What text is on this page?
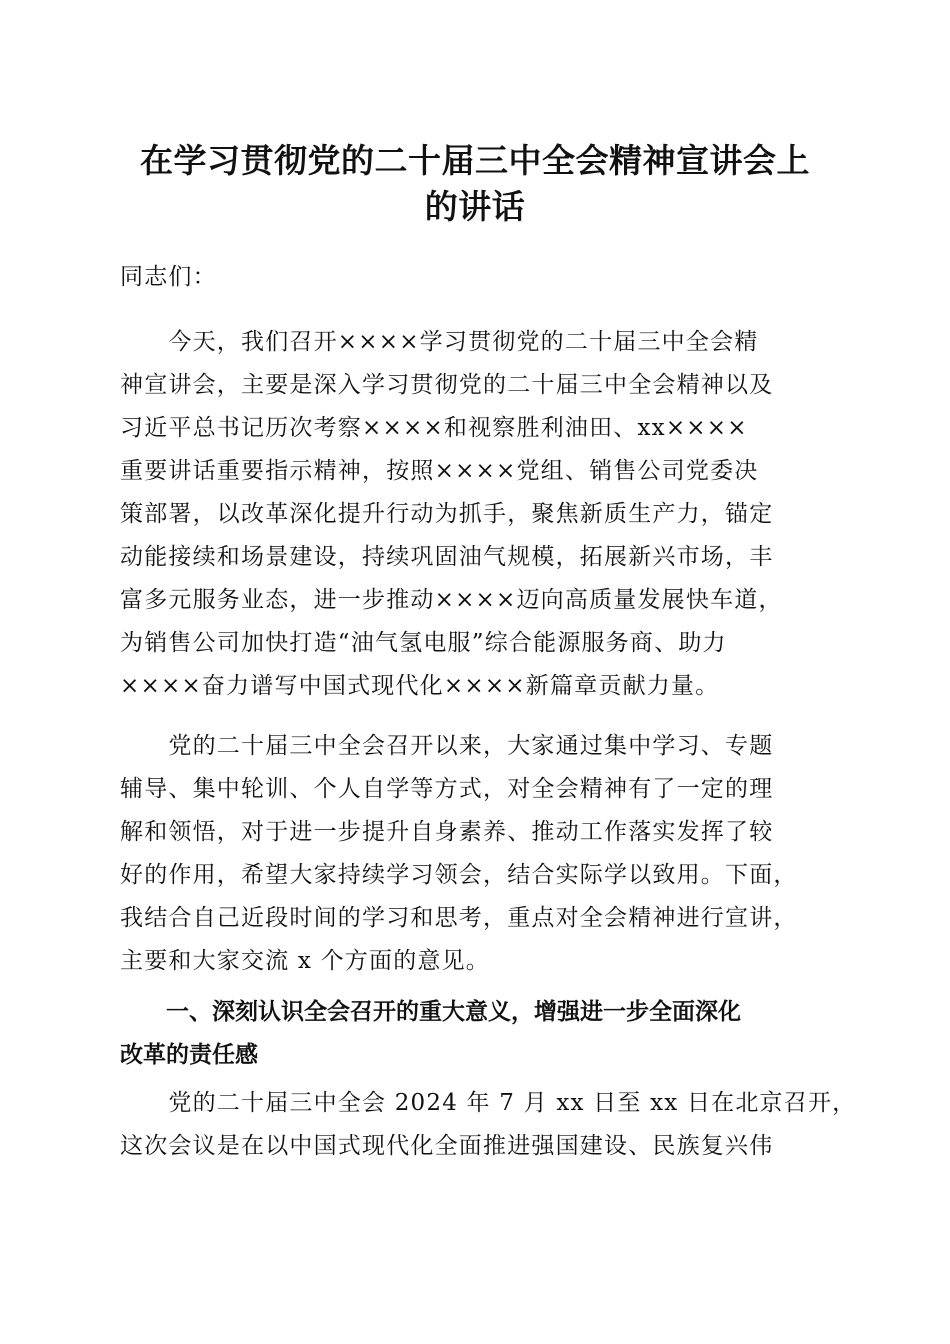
在学习贯彻党的二十届三中全会精神宣讲会上
的讲话

同志们：

　　今天，我们召开××××学习贯彻党的二十届三中全会精

神宣讲会，主要是深入学习贯彻党的二十届三中全会精神以及

习近平总书记历次考察××××和视察胜利油田、xx××××

重要讲话重要指示精神，按照××××党组、销售公司党委决

策部署，以改革深化提升行动为抓手，聚焦新质生产力，锚定

动能接续和场景建设，持续巩固油气规模，拓展新兴市场，丰

富多元服务业态，进一步推动××××迈向高质量发展快车道，

为销售公司加快打造“油气氢电服”综合能源服务商、助力

××××奋力谱写中国式现代化××××新篇章贡献力量。

　　党的二十届三中全会召开以来，大家通过集中学习、专题

辅导、集中轮训、个人自学等方式，对全会精神有了一定的理

解和领悟，对于进一步提升自身素养、推动工作落实发挥了较

好的作用，希望大家持续学习领会，结合实际学以致用。下面，

我结合自己近段时间的学习和思考，重点对全会精神进行宣讲，

主要和大家交流 x 个方面的意见。

　　一、深刻认识全会召开的重大意义，增强进一步全面深化

改革的责任感

　　党的二十届三中全会 2024 年 7 月 xx 日至 xx 日在北京召开，

这次会议是在以中国式现代化全面推进强国建设、民族复兴伟
